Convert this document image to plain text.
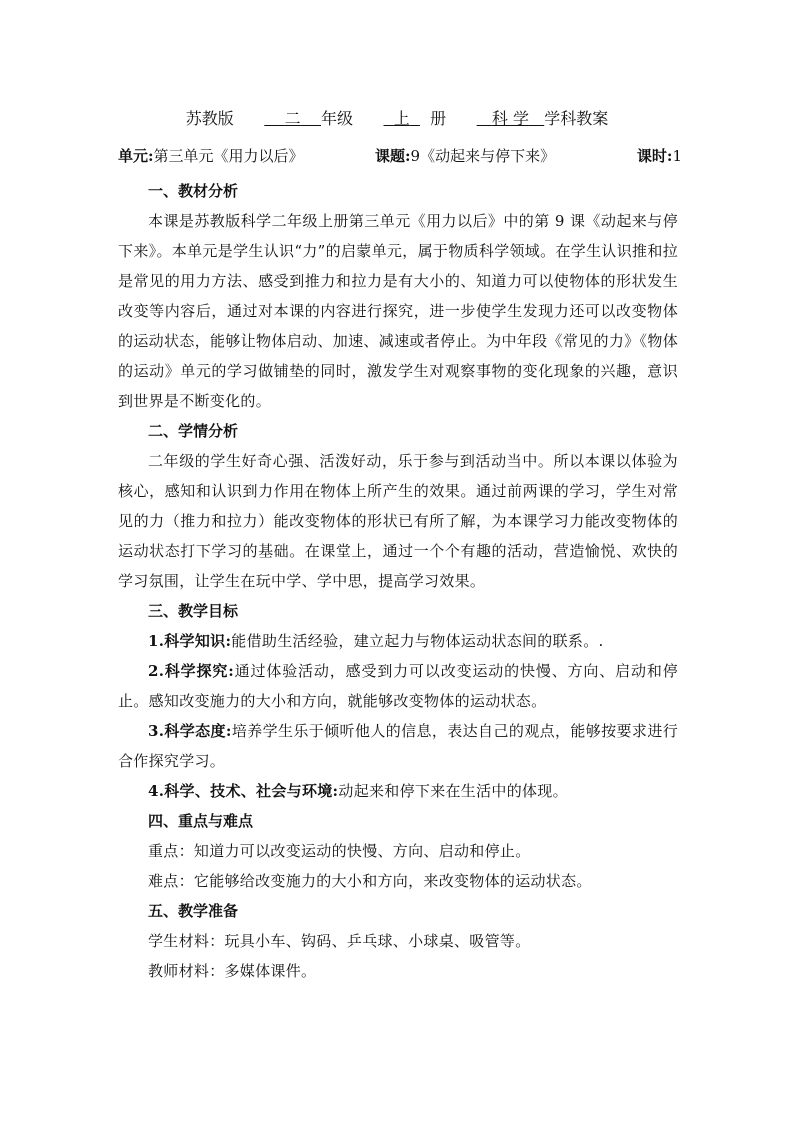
苏教版	二 年级	上 册	科 学 学科教案
单元:第三单元《用力以后》	课题:9《动起来与停下来》	课时:1
一、教材分析
本课是苏教版科学二年级上册第三单元《用力以后》中的第 9 课《动起来与停下来》。本单元是学生认识“力”的启蒙单元，属于物质科学领域。在学生认识推和拉是常见的用力方法、感受到推力和拉力是有大小的、知道力可以使物体的形状发生改变等内容后，通过对本课的内容进行探究，进一步使学生发现力还可以改变物体的运动状态，能够让物体启动、加速、减速或者停止。为中年段《常见的力》《物体的运动》单元的学习做铺垫的同时，激发学生对观察事物的变化现象的兴趣，意识到世界是不断变化的。
二、学情分析
二年级的学生好奇心强、活泼好动，乐于参与到活动当中。所以本课以体验为核心，感知和认识到力作用在物体上所产生的效果。通过前两课的学习，学生对常见的力（推力和拉力）能改变物体的形状已有所了解，为本课学习力能改变物体的运动状态打下学习的基础。在课堂上，通过一个个有趣的活动，营造愉悦、欢快的学习氛围，让学生在玩中学、学中思，提高学习效果。
三、教学目标
1.科学知识:能借助生活经验，建立起力与物体运动状态间的联系。.
2.科学探究:通过体验活动，感受到力可以改变运动的快慢、方向、启动和停止。感知改变施力的大小和方向，就能够改变物体的运动状态。
3.科学态度:培养学生乐于倾听他人的信息，表达自己的观点，能够按要求进行合作探究学习。
4.科学、技术、社会与环境:动起来和停下来在生活中的体现。
四、重点与难点
重点：知道力可以改变运动的快慢、方向、启动和停止。
难点：它能够给改变施力的大小和方向，来改变物体的运动状态。
五、教学准备
学生材料：玩具小车、钩码、乒乓球、小球桌、吸管等。
教师材料：多媒体课件。
